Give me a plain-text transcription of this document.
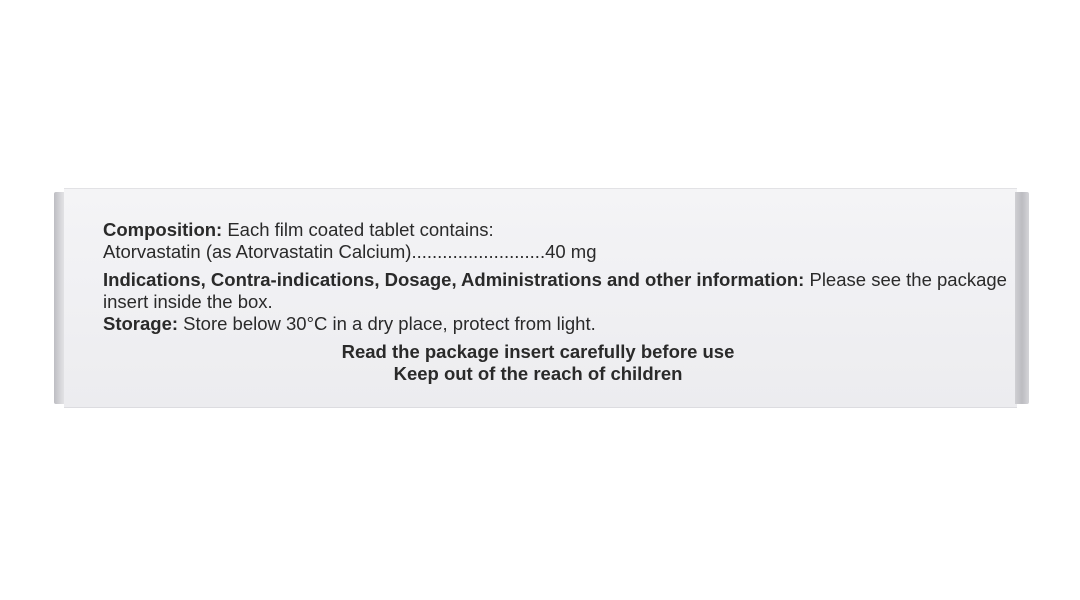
Composition: Each film coated tablet contains:
Atorvastatin (as Atorvastatin Calcium)..........................40 mg
Indications, Contra-indications, Dosage, Administrations and other information: Please see the package insert inside the box.
Storage: Store below 30°C in a dry place, protect from light.
Read the package insert carefully before use
Keep out of the reach of children
